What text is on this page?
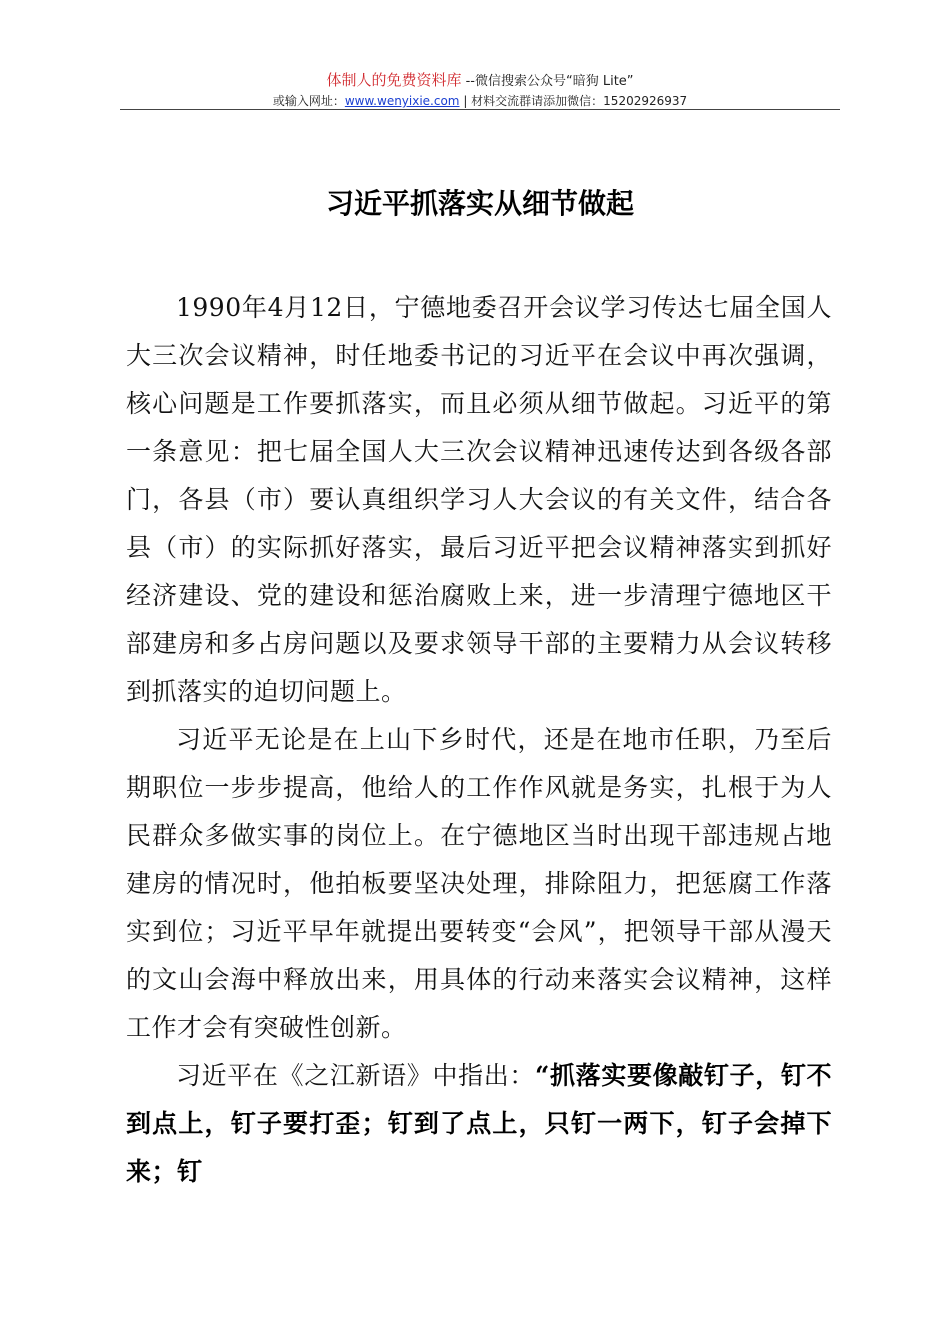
体制人的免费资料库 --微信搜索公众号“暗狗 Lite”
或输入网址：www.wenyixie.com | 材料交流群请添加微信：15202926937
习近平抓落实从细节做起

1990年4月12日，宁德地委召开会议学习传达七届全国人大三次会议精神，时任地委书记的习近平在会议中再次强调，核心问题是工作要抓落实，而且必须从细节做起。习近平的第一条意见：把七届全国人大三次会议精神迅速传达到各级各部门，各县（市）要认真组织学习人大会议的有关文件，结合各县（市）的实际抓好落实，最后习近平把会议精神落实到抓好经济建设、党的建设和惩治腐败上来，进一步清理宁德地区干部建房和多占房问题以及要求领导干部的主要精力从会议转移到抓落实的迫切问题上。

习近平无论是在上山下乡时代，还是在地市任职，乃至后期职位一步步提高，他给人的工作作风就是务实，扎根于为人民群众多做实事的岗位上。在宁德地区当时出现干部违规占地建房的情况时，他拍板要坚决处理，排除阻力，把惩腐工作落实到位；习近平早年就提出要转变“会风”，把领导干部从漫天的文山会海中释放出来，用具体的行动来落实会议精神，这样工作才会有突破性创新。

习近平在《之江新语》中指出：“抓落实要像敲钉子，钉不到点上，钉子要打歪；钉到了点上，只钉一两下，钉子会掉下来；钉
